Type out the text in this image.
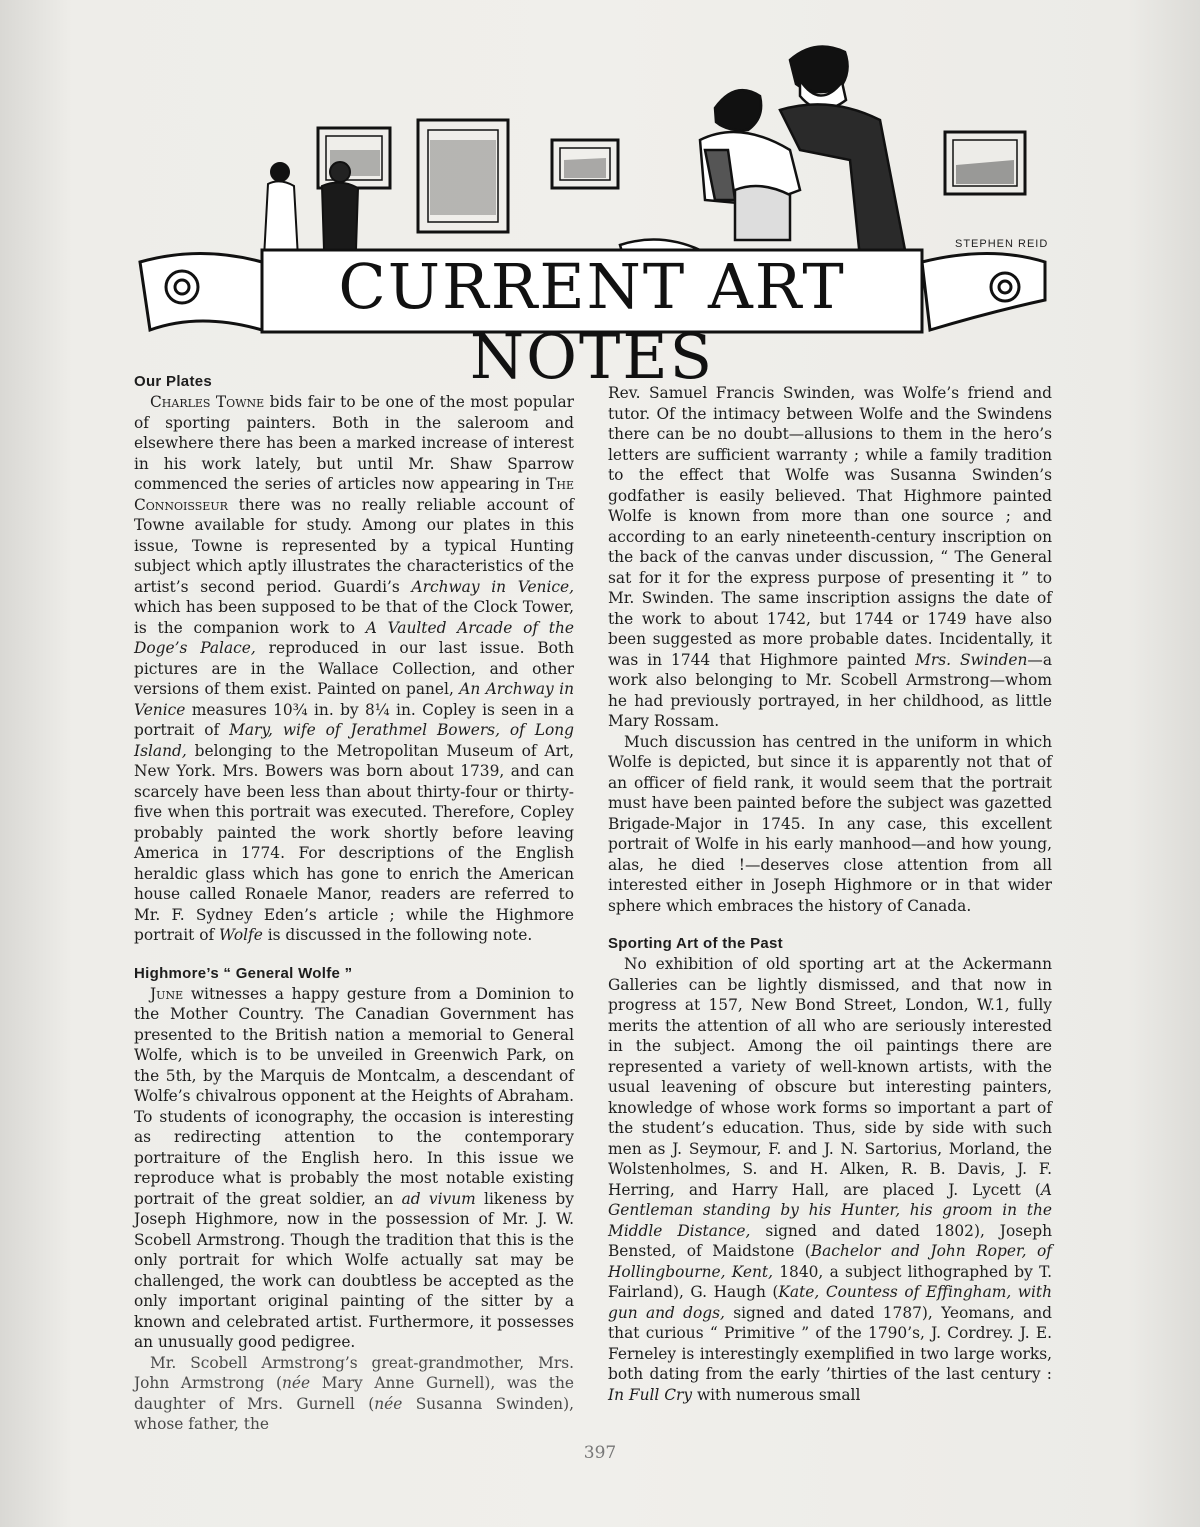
CURRENT ART NOTES
STEPHEN REID
Our Plates

Charles Towne bids fair to be one of the most popular of sporting painters. Both in the saleroom and elsewhere there has been a marked increase of interest in his work lately, but until Mr. Shaw Sparrow commenced the series of articles now appearing in The Connoisseur there was no really reliable account of Towne available for study. Among our plates in this issue, Towne is represented by a typical Hunting subject which aptly illustrates the characteristics of the artist’s second period. Guardi’s Archway in Venice, which has been supposed to be that of the Clock Tower, is the companion work to A Vaulted Arcade of the Doge’s Palace, reproduced in our last issue. Both pictures are in the Wallace Collection, and other versions of them exist. Painted on panel, An Archway in Venice measures 10¾ in. by 8¼ in. Copley is seen in a portrait of Mary, wife of Jerathmel Bowers, of Long Island, belonging to the Metropolitan Museum of Art, New York. Mrs. Bowers was born about 1739, and can scarcely have been less than about thirty-four or thirty-five when this portrait was executed. Therefore, Copley probably painted the work shortly before leaving America in 1774. For descriptions of the English heraldic glass which has gone to enrich the American house called Ronaele Manor, readers are referred to Mr. F. Sydney Eden’s article ; while the Highmore portrait of Wolfe is discussed in the following note.

Highmore’s “ General Wolfe ”

June witnesses a happy gesture from a Dominion to the Mother Country. The Canadian Government has presented to the British nation a memorial to General Wolfe, which is to be unveiled in Greenwich Park, on the 5th, by the Marquis de Montcalm, a descendant of Wolfe’s chivalrous opponent at the Heights of Abraham. To students of iconography, the occasion is interesting as redirecting attention to the contemporary portraiture of the English hero. In this issue we reproduce what is probably the most notable existing portrait of the great soldier, an ad vivum likeness by Joseph Highmore, now in the possession of Mr. J. W. Scobell Armstrong. Though the tradition that this is the only portrait for which Wolfe actually sat may be challenged, the work can doubtless be accepted as the only important original painting of the sitter by a known and celebrated artist. Furthermore, it possesses an unusually good pedigree.

Mr. Scobell Armstrong’s great-grandmother, Mrs. John Armstrong (née Mary Anne Gurnell), was the daughter of Mrs. Gurnell (née Susanna Swinden), whose father, the

Rev. Samuel Francis Swinden, was Wolfe’s friend and tutor. Of the intimacy between Wolfe and the Swindens there can be no doubt—allusions to them in the hero’s letters are sufficient warranty ; while a family tradition to the effect that Wolfe was Susanna Swinden’s godfather is easily believed. That Highmore painted Wolfe is known from more than one source ; and according to an early nineteenth-century inscription on the back of the canvas under discussion, “ The General sat for it for the express purpose of presenting it ” to Mr. Swinden. The same inscription assigns the date of the work to about 1742, but 1744 or 1749 have also been suggested as more probable dates. Incidentally, it was in 1744 that Highmore painted Mrs. Swinden—a work also belonging to Mr. Scobell Armstrong—whom he had previously portrayed, in her childhood, as little Mary Rossam.

Much discussion has centred in the uniform in which Wolfe is depicted, but since it is apparently not that of an officer of field rank, it would seem that the portrait must have been painted before the subject was gazetted Brigade-Major in 1745. In any case, this excellent portrait of Wolfe in his early manhood—and how young, alas, he died !—deserves close attention from all interested either in Joseph Highmore or in that wider sphere which embraces the history of Canada.

Sporting Art of the Past

No exhibition of old sporting art at the Ackermann Galleries can be lightly dismissed, and that now in progress at 157, New Bond Street, London, W.1, fully merits the attention of all who are seriously interested in the subject. Among the oil paintings there are represented a variety of well-known artists, with the usual leavening of obscure but interesting painters, knowledge of whose work forms so important a part of the student’s education. Thus, side by side with such men as J. Seymour, F. and J. N. Sartorius, Morland, the Wolstenholmes, S. and H. Alken, R. B. Davis, J. F. Herring, and Harry Hall, are placed J. Lycett (A Gentleman standing by his Hunter, his groom in the Middle Distance, signed and dated 1802), Joseph Bensted, of Maidstone (Bachelor and John Roper, of Hollingbourne, Kent, 1840, a subject lithographed by T. Fairland), G. Haugh (Kate, Countess of Effingham, with gun and dogs, signed and dated 1787), Yeomans, and that curious “ Primitive ” of the 1790’s, J. Cordrey. J. E. Ferneley is interestingly exemplified in two large works, both dating from the early ’thirties of the last century : In Full Cry with numerous small

397
